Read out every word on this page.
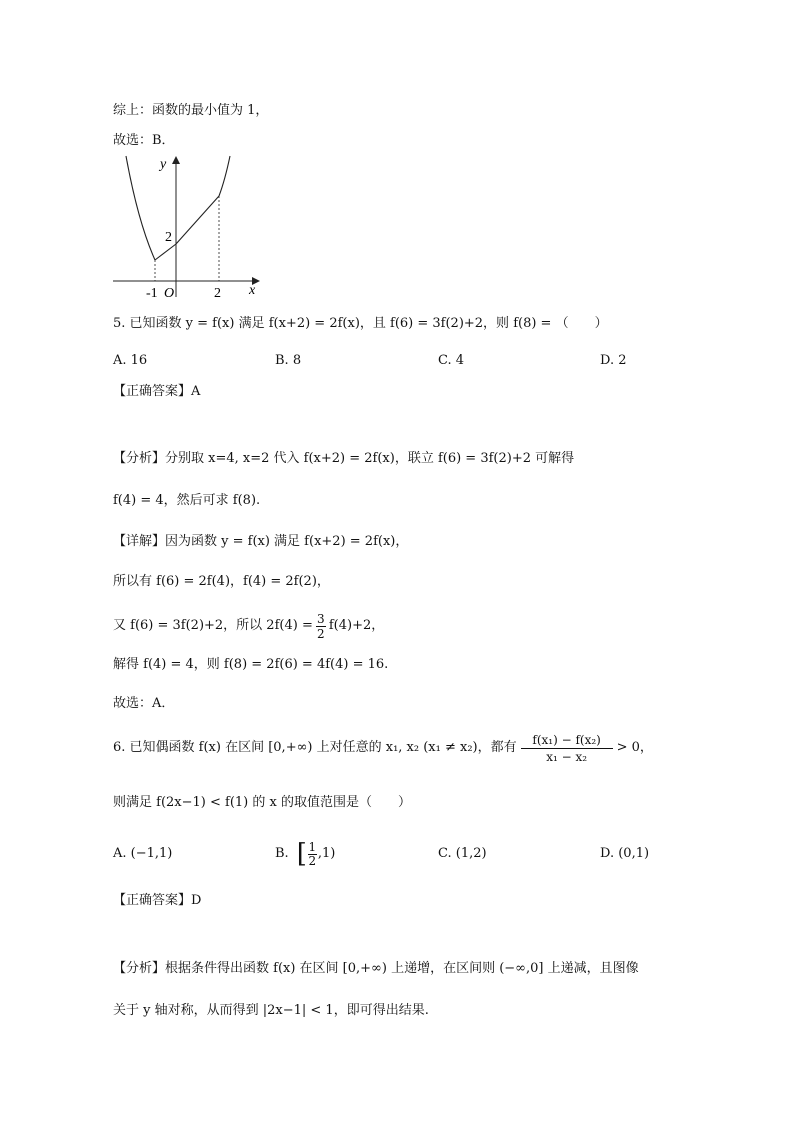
综上：函数的最小值为 1，
故选：B．
y
x
O
2
-1	2
5. 已知函数 y = f(x) 满足 f(x+2) = 2f(x)，且 f(6) = 3f(2)+2，则 f(8) = （　　）
A. 16	B. 8	C. 4	D. 2
【正确答案】A
【分析】分别取 x=4, x=2 代入 f(x+2) = 2f(x)，联立 f(6) = 3f(2)+2 可解得
f(4) = 4，然后可求 f(8).
【详解】因为函数 y = f(x) 满足 f(x+2) = 2f(x)，
所以有 f(6) = 2f(4)，f(4) = 2f(2)，
又 f(6) = 3f(2)+2，所以 2f(4) = 3
2
f(4)+2，
解得 f(4) = 4，则 f(8) = 2f(6) = 4f(4) = 16.
故选：A．
6. 已知偶函数 f(x) 在区间 [0,+∞) 上对任意的 x₁, x₂ (x₁ ≠ x₂)，都有
f(x₁) − f(x₂)
x₁ − x₂
> 0，
则满足 f(2x−1) < f(1) 的 x 的取值范围是（　　）
A. (−1,1)	B. [ 1
2 ,1)	C. (1,2)	D. (0,1)
【正确答案】D
【分析】根据条件得出函数 f(x) 在区间 [0,+∞) 上递增，在区间则 (−∞,0] 上递减，且图像
关于 y 轴对称，从而得到 |2x−1| < 1，即可得出结果.
